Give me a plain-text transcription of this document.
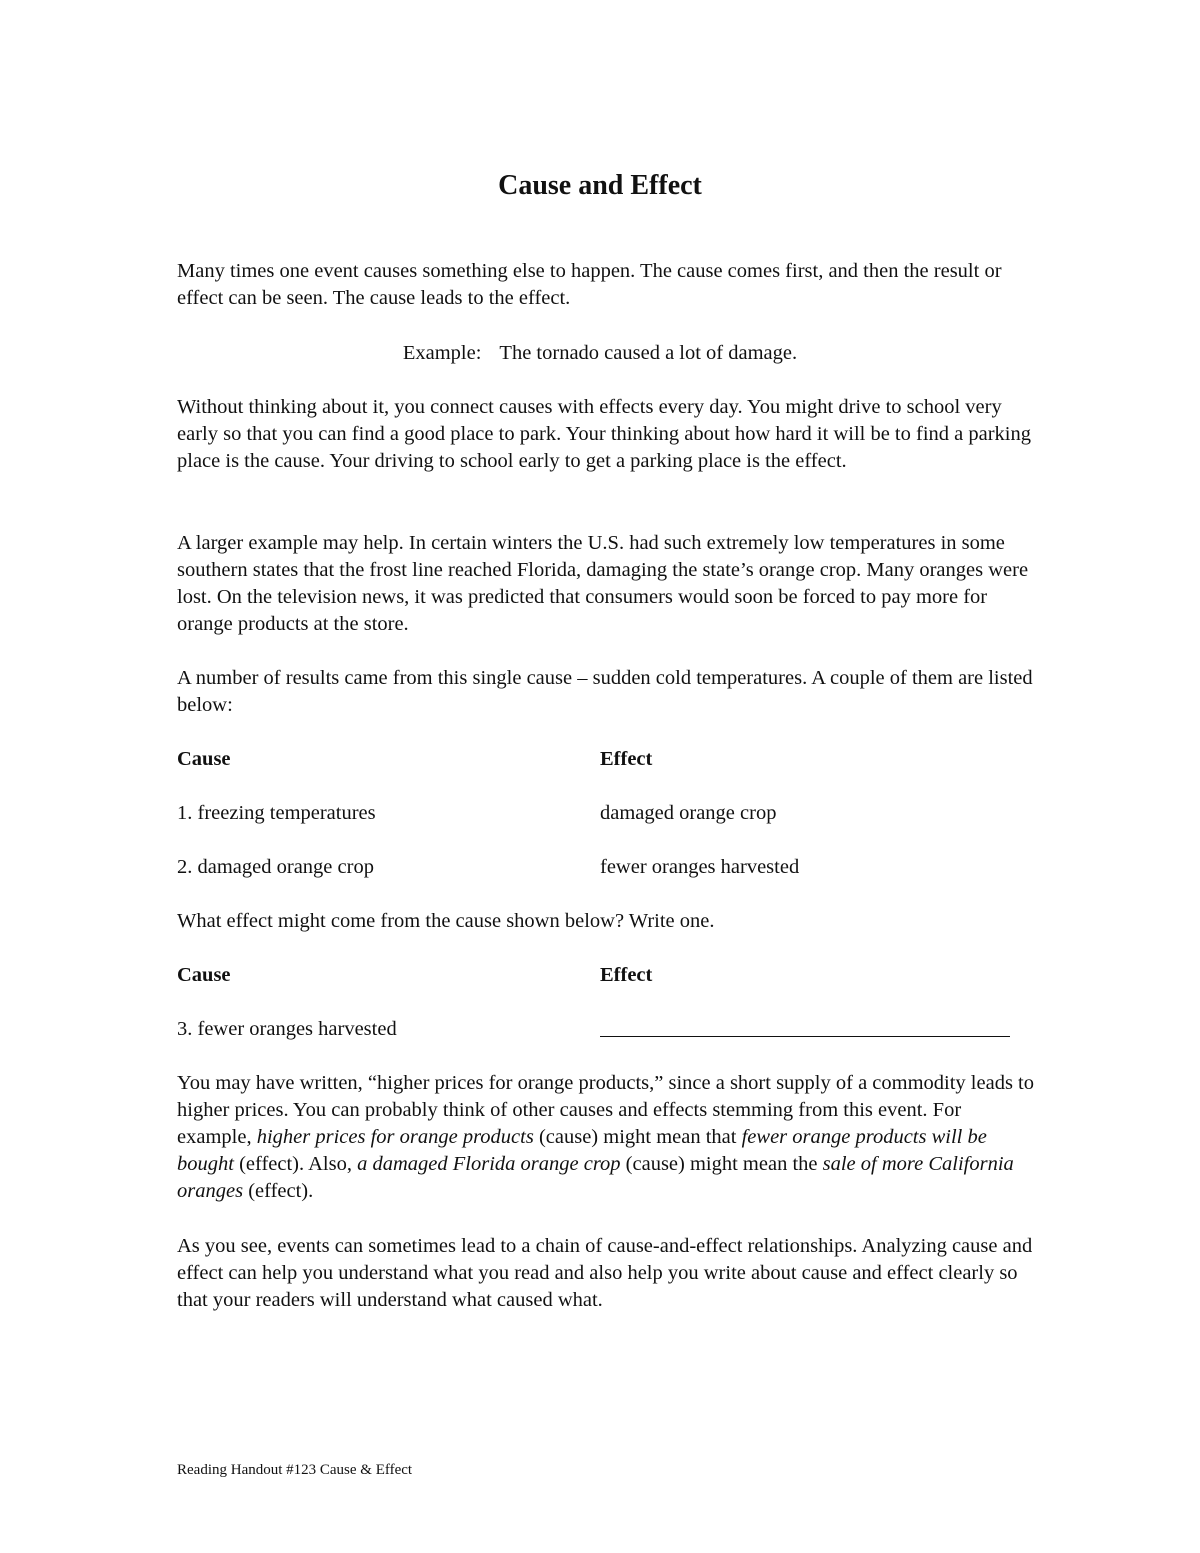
Cause and Effect

Many times one event causes something else to happen. The cause comes first, and then the result or effect can be seen. The cause leads to the effect.

Example: The tornado caused a lot of damage.

Without thinking about it, you connect causes with effects every day. You might drive to school very early so that you can find a good place to park. Your thinking about how hard it will be to find a parking place is the cause. Your driving to school early to get a parking place is the effect.

A larger example may help. In certain winters the U.S. had such extremely low temperatures in some southern states that the frost line reached Florida, damaging the state’s orange crop. Many oranges were lost. On the television news, it was predicted that consumers would soon be forced to pay more for orange products at the store.

A number of results came from this single cause – sudden cold temperatures. A couple of them are listed below:

Cause	Effect
1. freezing temperatures	damaged orange crop
2. damaged orange crop	fewer oranges harvested

What effect might come from the cause shown below? Write one.

Cause	Effect
3. fewer oranges harvested

You may have written, “higher prices for orange products,” since a short supply of a commodity leads to higher prices. You can probably think of other causes and effects stemming from this event. For example, higher prices for orange products (cause) might mean that fewer orange products will be bought (effect). Also, a damaged Florida orange crop (cause) might mean the sale of more California oranges (effect).

As you see, events can sometimes lead to a chain of cause-and-effect relationships. Analyzing cause and effect can help you understand what you read and also help you write about cause and effect clearly so that your readers will understand what caused what.

Reading Handout #123 Cause & Effect
